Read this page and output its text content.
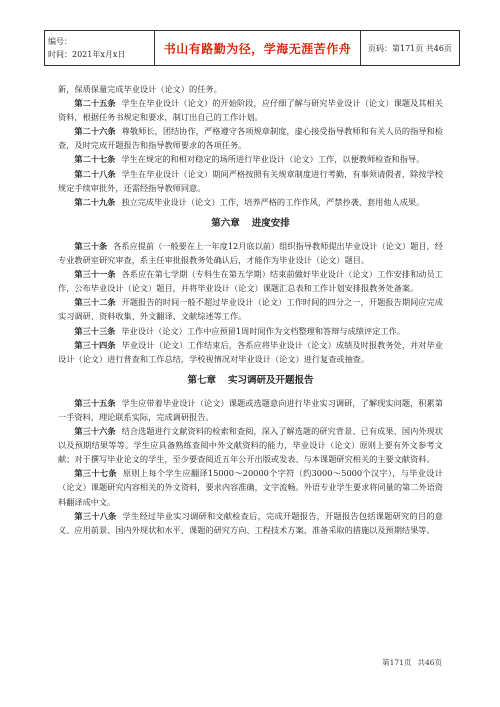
编号：
时间：2021年x月x日	书山有路勤为径，学海无涯苦作舟	页码：第171页 共46页

新，保质保量完成毕业设计（论文）的任务。

第二十五条 学生在毕业设计（论文）的开始阶段，应仔细了解与研究毕业设计（论文）课题及其相关资料，根据任务书规定和要求，制订出自己的工作计划。

第二十六条 尊敬师长，团结协作，严格遵守各项规章制度，虚心接受指导教师和有关人员的指导和检查，及时完成开题报告和指导教师要求的各项任务。

第二十七条 学生在规定的和相对稳定的场所进行毕业设计（论文）工作，以便教师检查和指导。

第二十八条 学生在毕业设计（论文）期间严格按照有关规章制度进行考勤，有事须请假者，除按学校规定手续审批外，还需经指导教师同意。

第二十九条 独立完成毕业设计（论文）工作，培养严格的工作作风，严禁抄袭、套用他人成果。

第六章 进度安排

第三十条 各系应提前（一般要在上一年度12月底以前）组织指导教师提出毕业设计（论文）题目，经专业教研室研究审查，系主任审批报教务处确认后，才能作为毕业设计（论文）题目。

第三十一条 各系应在第七学期（专科生在第五学期）结束前做好毕业设计（论文）工作安排和动员工作，公布毕业设计（论文）题目，并将毕业设计（论文）课题汇总表和工作计划安排报教务处备案。

第三十二条 开题报告的时间一般不超过毕业设计（论文）工作时间的四分之一，开题报告期间应完成实习调研、资料收集、外文翻译、文献综述等工作。

第三十三条 毕业设计（论文）工作中应预留1周时间作为文档整理和答辩与成绩评定工作。

第三十四条 毕业设计（论文）工作结束后，各系应将毕业设计（论文）成绩及时报教务处，并对毕业设计（论文）进行普查和工作总结，学校视情况对毕业设计（论文）进行复查或抽查。

第七章 实习调研及开题报告

第三十五条 学生应带着毕业设计（论文）课题或选题意向进行毕业实习调研，了解现实问题，积累第一手资料，理论联系实际，完成调研报告。

第三十六条 结合选题进行文献资料的检索和查阅，深入了解选题的研究背景、已有成果、国内外现状以及预期结果等等。学生应具备熟练查阅中外文献资料的能力，毕业设计（论文）原则上要有外文参考文献；对于撰写毕业论文的学生，至少要查阅近五年公开出版或发表、与本课题研究相关的主要文献资料。

第三十七条 原则上每个学生应翻译15000～20000个字符（约3000～5000个汉字），与毕业设计（论文）课题研究内容相关的外文资料，要求内容准确，文字流畅。外语专业学生要求将同量的第二外语资料翻译成中文。

第三十八条 学生经过毕业实习调研和文献检查后，完成开题报告，开题报告包括课题研究的目的意义、应用前景、国内外现状和水平、课题的研究方向、工程技术方案、准备采取的措施以及预期结果等。

第171页 共46页
